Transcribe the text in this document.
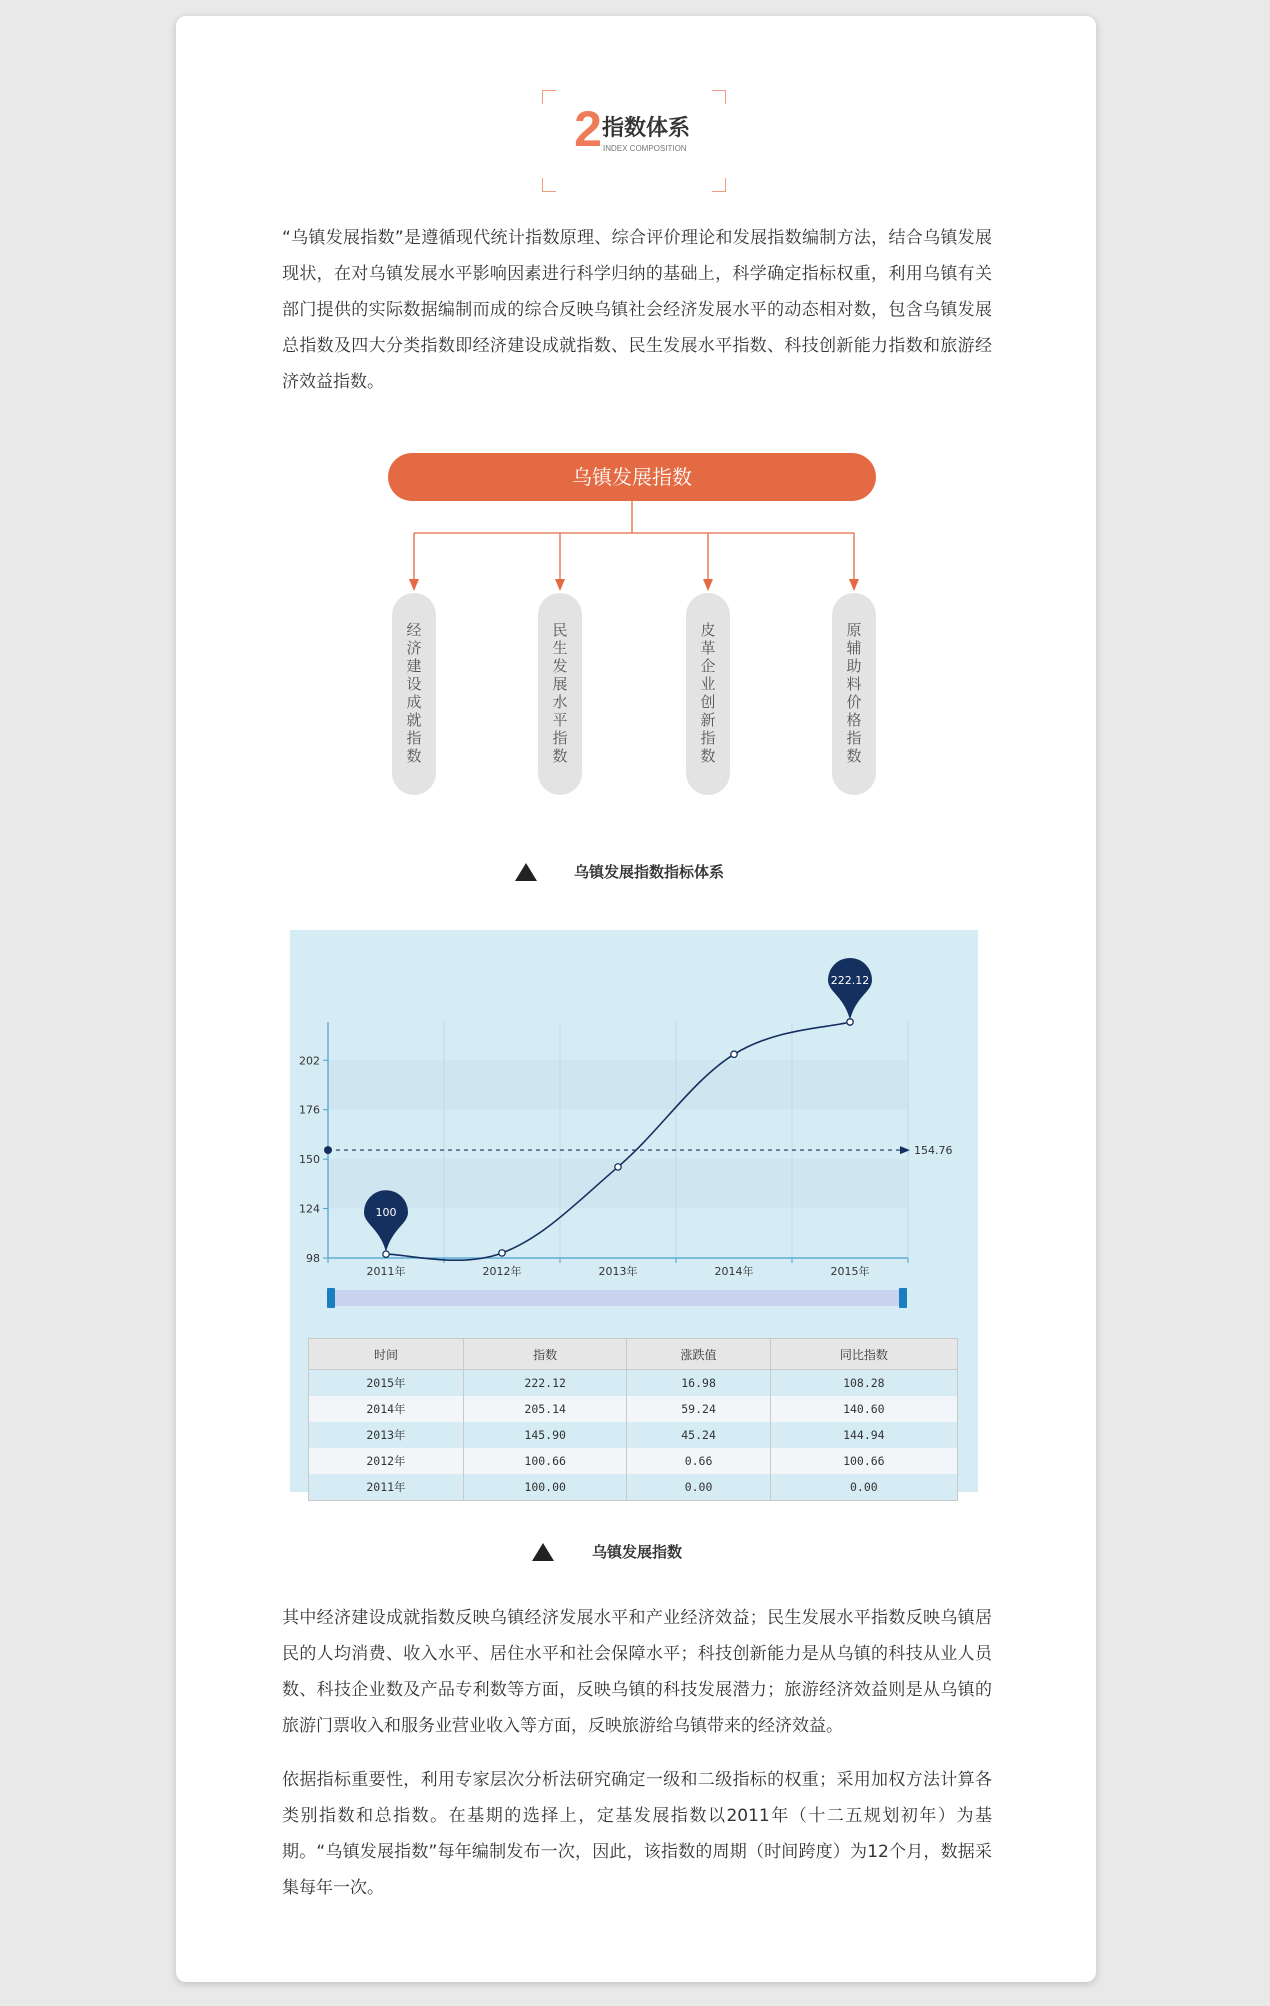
2 指数体系
INDEX COMPOSITION

“乌镇发展指数”是遵循现代统计指数原理、综合评价理论和发展指数编制方法，结合乌镇发展现状，在对乌镇发展水平影响因素进行科学归纳的基础上，科学确定指标权重，利用乌镇有关部门提供的实际数据编制而成的综合反映乌镇社会经济发展水平的动态相对数，包含乌镇发展总指数及四大分类指数即经济建设成就指数、民生发展水平指数、科技创新能力指数和旅游经济效益指数。

乌镇发展指数
经济建设成就指数
民生发展水平指数
皮革企业创新指数
原辅助料价格指数
乌镇发展指数指标体系
98
124
150
176
202
2011年	2012年	2013年	2014年	2015年
154.76
100
222.12
时间	指数	涨跌值	同比指数
2015年	222.12	16.98	108.28
2014年	205.14	59.24	140.60
2013年	145.90	45.24	144.94
2012年	100.66	0.66	100.66
2011年	100.00	0.00	0.00
乌镇发展指数

其中经济建设成就指数反映乌镇经济发展水平和产业经济效益；民生发展水平指数反映乌镇居民的人均消费、收入水平、居住水平和社会保障水平；科技创新能力是从乌镇的科技从业人员数、科技企业数及产品专利数等方面，反映乌镇的科技发展潜力；旅游经济效益则是从乌镇的旅游门票收入和服务业营业收入等方面，反映旅游给乌镇带来的经济效益。

依据指标重要性，利用专家层次分析法研究确定一级和二级指标的权重；采用加权方法计算各类别指数和总指数。在基期的选择上，定基发展指数以2011年（十二五规划初年）为基期。“乌镇发展指数”每年编制发布一次，因此，该指数的周期（时间跨度）为12个月，数据采集每年一次。
